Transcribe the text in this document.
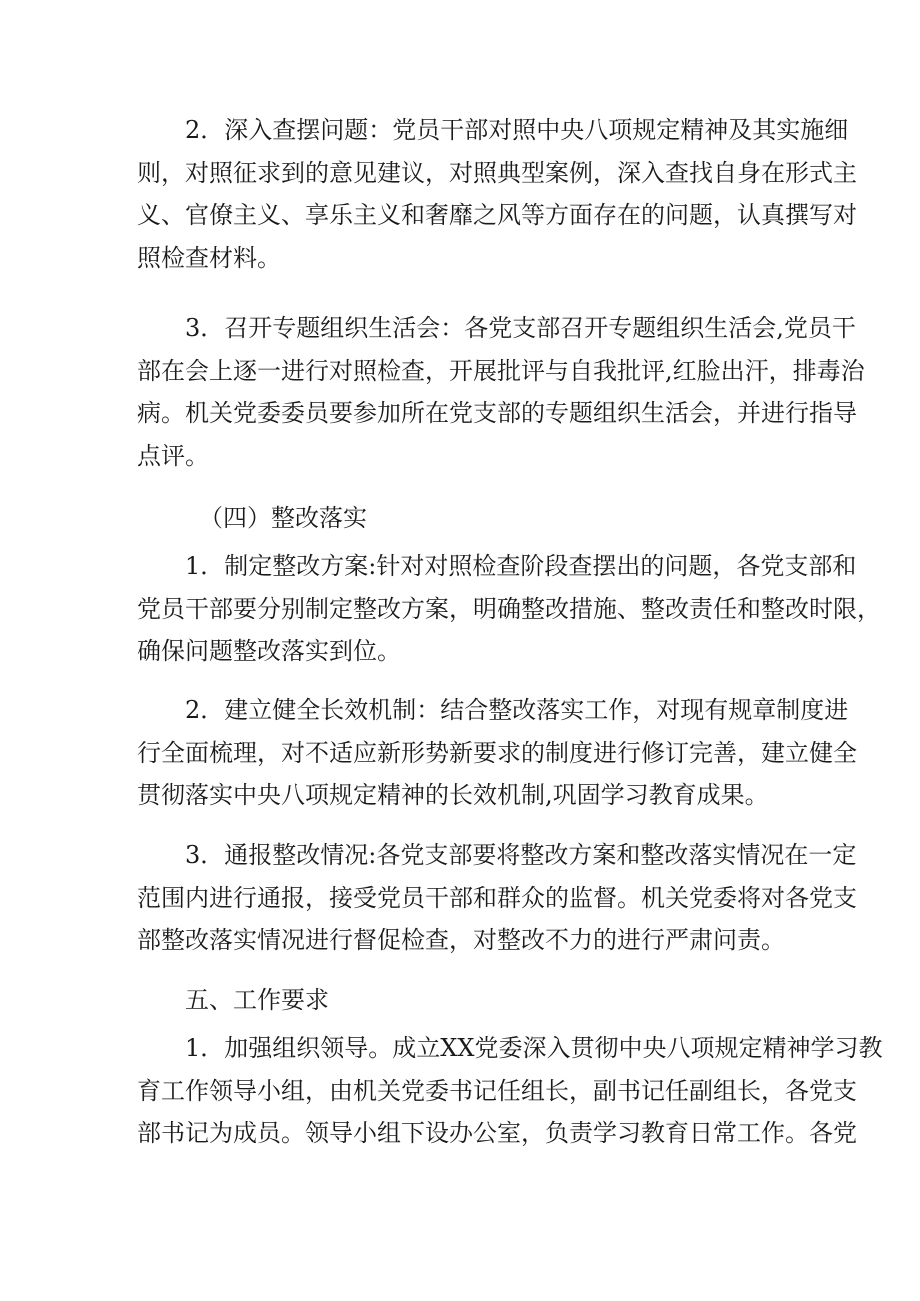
2．深入查摆问题：党员干部对照中央八项规定精神及其实施细
则，对照征求到的意见建议，对照典型案例，深入查找自身在形式主
义、官僚主义、享乐主义和奢靡之风等方面存在的问题，认真撰写对
照检查材料。
3．召开专题组织生活会：各党支部召开专题组织生活会,党员干
部在会上逐一进行对照检查，开展批评与自我批评,红脸出汗，排毒治
病。机关党委委员要参加所在党支部的专题组织生活会，并进行指导
点评。
（四）整改落实
1．制定整改方案:针对对照检查阶段查摆出的问题，各党支部和
党员干部要分别制定整改方案，明确整改措施、整改责任和整改时限，
确保问题整改落实到位。
2．建立健全长效机制：结合整改落实工作，对现有规章制度进
行全面梳理，对不适应新形势新要求的制度进行修订完善，建立健全
贯彻落实中央八项规定精神的长效机制,巩固学习教育成果。
3．通报整改情况:各党支部要将整改方案和整改落实情况在一定
范围内进行通报，接受党员干部和群众的监督。机关党委将对各党支
部整改落实情况进行督促检查，对整改不力的进行严肃问责。
五、工作要求
1．加强组织领导。成立XX党委深入贯彻中央八项规定精神学习教
育工作领导小组，由机关党委书记任组长，副书记任副组长，各党支
部书记为成员。领导小组下设办公室，负责学习教育日常工作。各党
